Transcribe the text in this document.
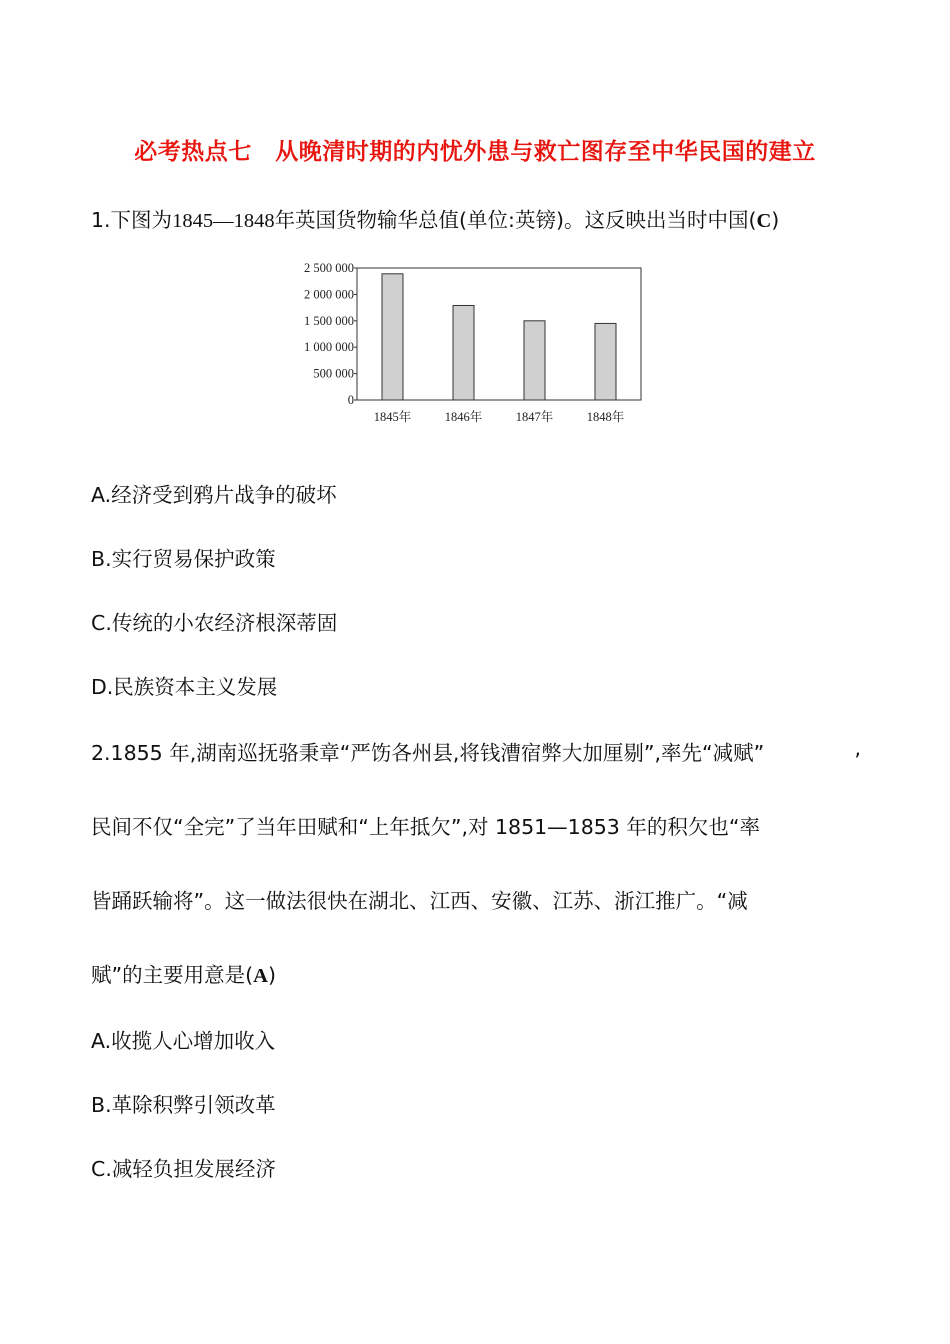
必考热点七　从晚清时期的内忧外患与救亡图存至中华民国的建立
1.下图为1845—1848年英国货物输华总值(单位:英镑)。这反映出当时中国(C)
0
500 000
1 000 000
1 500 000
2 000 000
2 500 000
1845年	1846年	1847年	1848年
A.经济受到鸦片战争的破坏
B.实行贸易保护政策
C.传统的小农经济根深蒂固
D.民族资本主义发展
2.1855 年,湖南巡抚骆秉章“严饬各州县,将钱漕宿弊大加厘剔”,率先“减赋”	,
民间不仅“全完”了当年田赋和“上年抵欠”,对 1851—1853 年的积欠也“率
皆踊跃输将”。这一做法很快在湖北、江西、安徽、江苏、浙江推广。“减
赋”的主要用意是(A)
A.收揽人心增加收入
B.革除积弊引领改革
C.减轻负担发展经济
